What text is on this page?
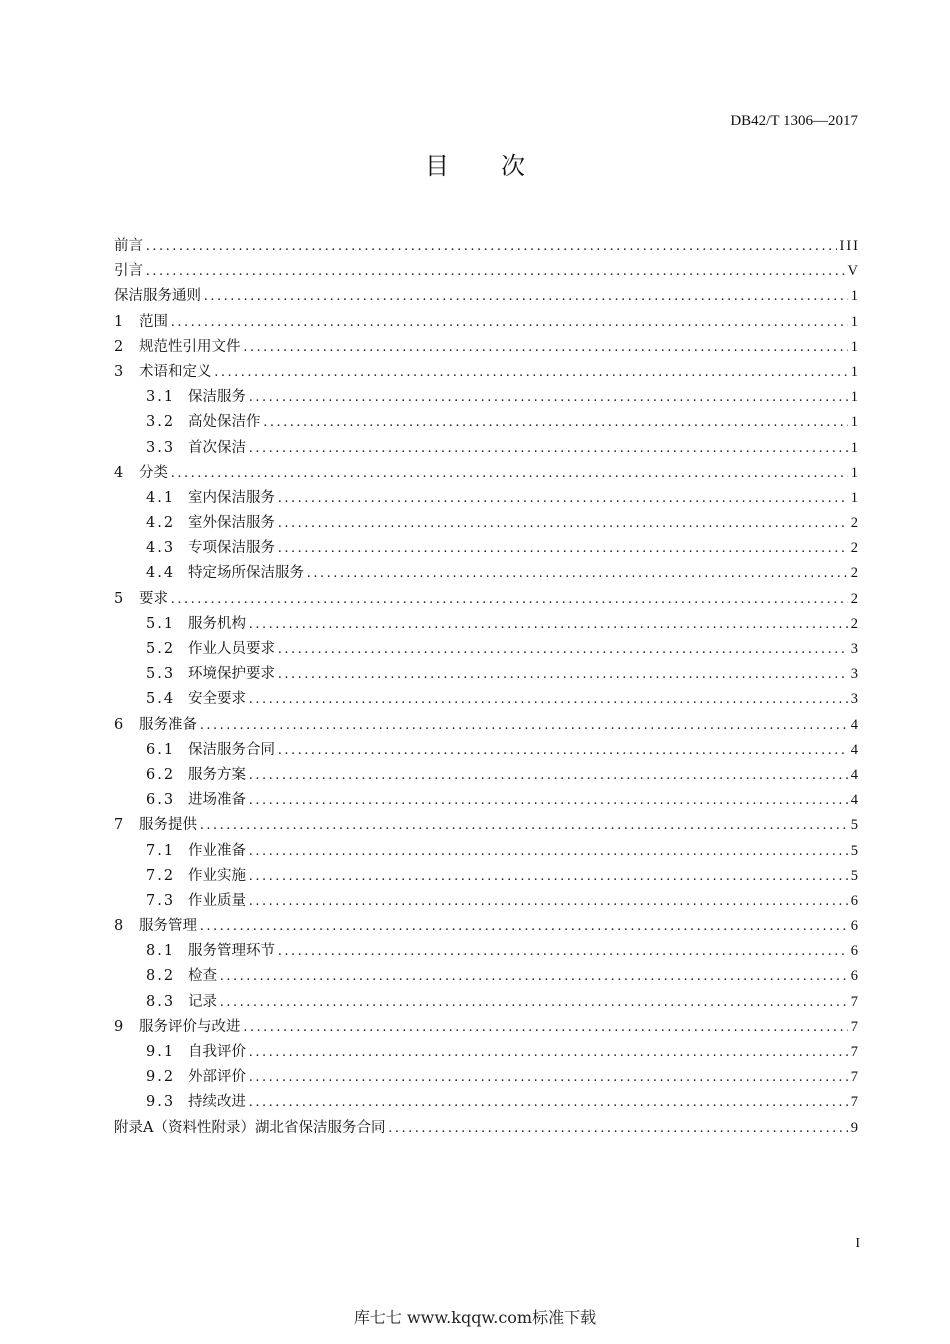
DB42/T 1306—2017
目次
前言 .....	III
引言 .....	V
保洁服务通则 .....	1
1	范围 .....	1
2	规范性引用文件 .....	1
3	术语和定义 .....	1
3.1 保洁服务 .....	1
3.2 高处保洁作 .....	1
3.3 首次保洁 .....	1
4	分类 .....	1
4.1 室内保洁服务 .....	1
4.2 室外保洁服务 .....	2
4.3 专项保洁服务 .....	2
4.4 特定场所保洁服务 .....	2
5	要求 .....	2
5.1 服务机构 .....	2
5.2 作业人员要求 .....	3
5.3 环境保护要求 .....	3
5.4 安全要求 .....	3
6	服务准备 .....	4
6.1 保洁服务合同 .....	4
6.2 服务方案 .....	4
6.3 进场准备 .....	4
7	服务提供 .....	5
7.1 作业准备 .....	5
7.2 作业实施 .....	5
7.3 作业质量 .....	6
8	服务管理 .....	6
8.1 服务管理环节 .....	6
8.2 检查 .....	6
8.3 记录 .....	7
9	服务评价与改进 .....	7
9.1 自我评价 .....	7
9.2 外部评价 .....	7
9.3 持续改进 .....	7
附录A（资料性附录）湖北省保洁服务合同 .....	9
I
库七七 www.kqqw.com标准下载
